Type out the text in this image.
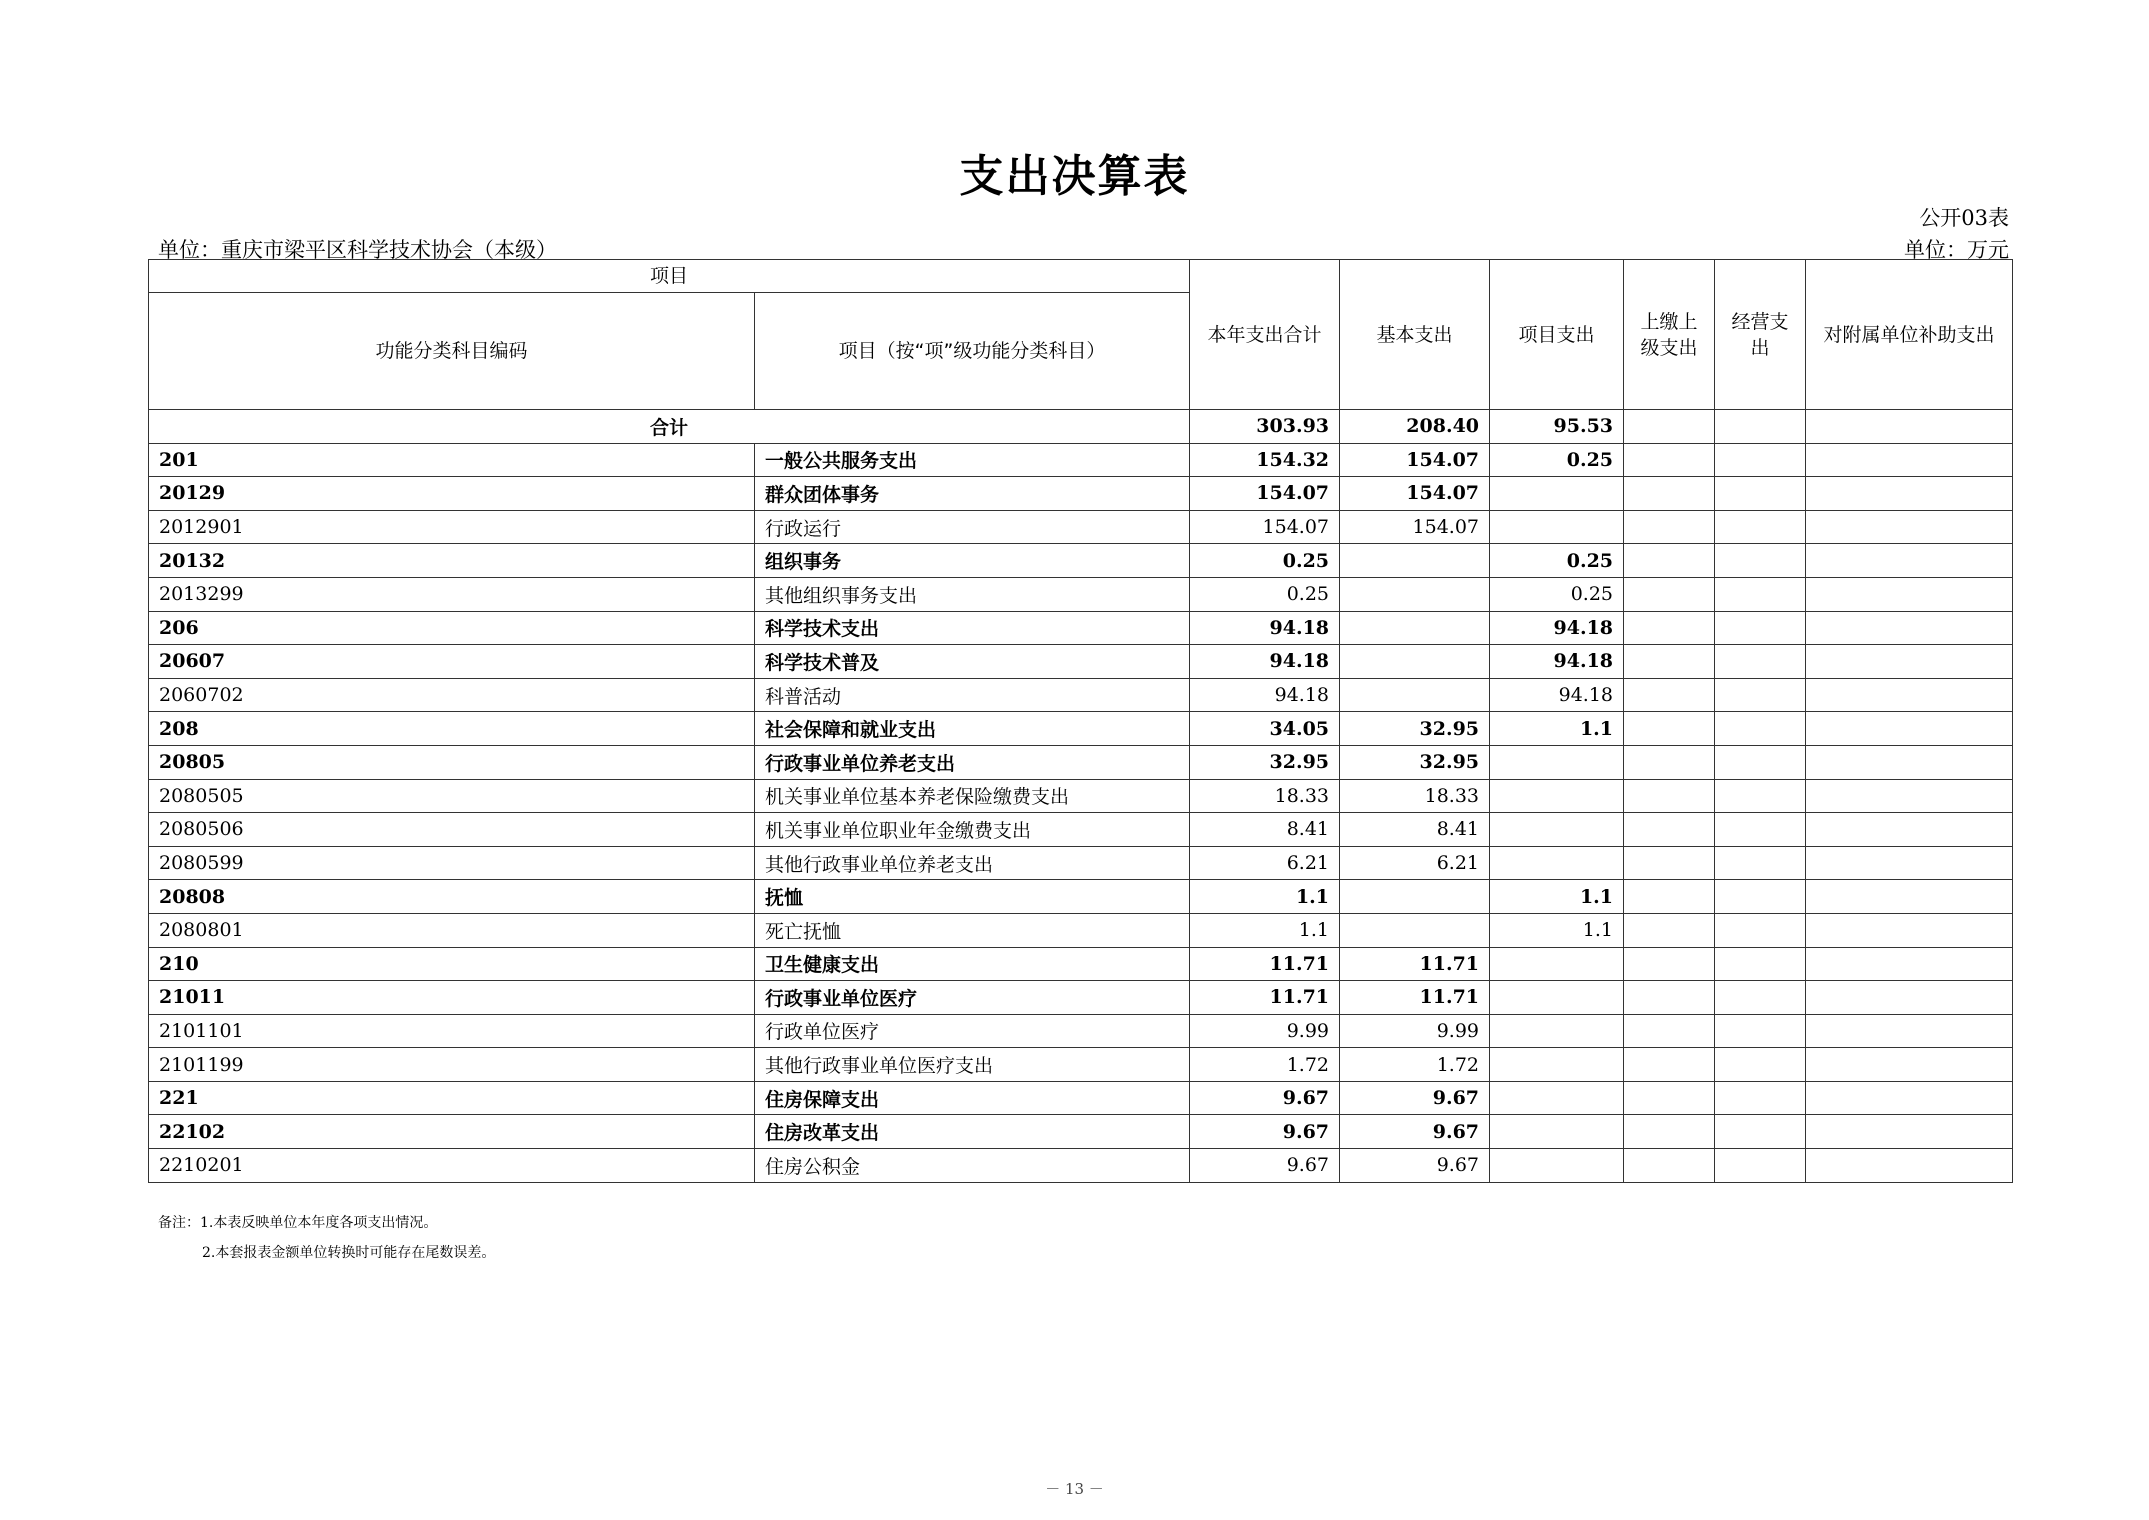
支出决算表
公开03表
单位：重庆市梁平区科学技术协会（本级）	单位：万元
项目		本年支出合计	基本支出	项目支出	上缴上级支出	经营支出	对附属单位补助支出
功能分类科目编码	项目（按“项”级功能分类科目）						
合计		303.93	208.40	95.53			
201	一般公共服务支出	154.32	154.07	0.25			
20129	群众团体事务	154.07	154.07				
2012901	行政运行	154.07	154.07				
20132	组织事务	0.25		0.25			
2013299	其他组织事务支出	0.25		0.25			
206	科学技术支出	94.18		94.18			
20607	科学技术普及	94.18		94.18			
2060702	科普活动	94.18		94.18			
208	社会保障和就业支出	34.05	32.95	1.1			
20805	行政事业单位养老支出	32.95	32.95				
2080505	机关事业单位基本养老保险缴费支出	18.33	18.33				
2080506	机关事业单位职业年金缴费支出	8.41	8.41				
2080599	其他行政事业单位养老支出	6.21	6.21				
20808	抚恤	1.1		1.1			
2080801	死亡抚恤	1.1		1.1			
210	卫生健康支出	11.71	11.71				
21011	行政事业单位医疗	11.71	11.71				
2101101	行政单位医疗	9.99	9.99				
2101199	其他行政事业单位医疗支出	1.72	1.72				
221	住房保障支出	9.67	9.67				
22102	住房改革支出	9.67	9.67				
2210201	住房公积金	9.67	9.67				
备注：1.本表反映单位本年度各项支出情况。
2.本套报表金额单位转换时可能存在尾数误差。
－ 13 －
